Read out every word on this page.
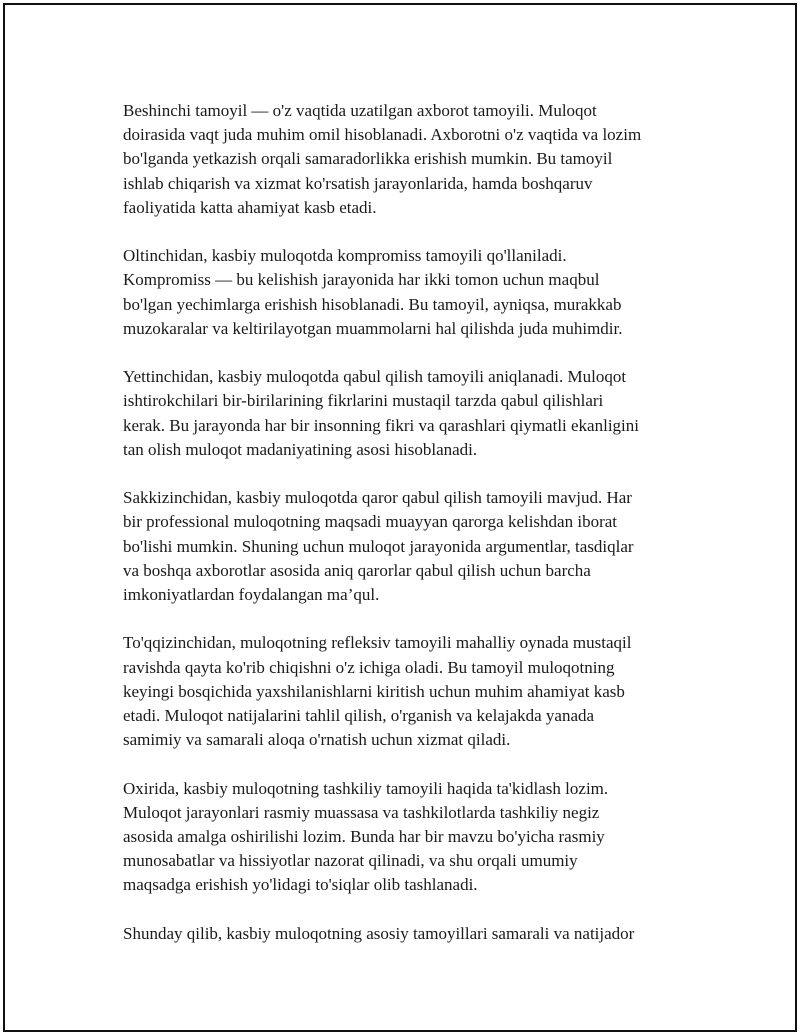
Beshinchi tamoyil — o'z vaqtida uzatilgan axborot tamoyili. Muloqot
doirasida vaqt juda muhim omil hisoblanadi. Axborotni o'z vaqtida va lozim
bo'lganda yetkazish orqali samaradorlikka erishish mumkin. Bu tamoyil
ishlab chiqarish va xizmat ko'rsatish jarayonlarida, hamda boshqaruv
faoliyatida katta ahamiyat kasb etadi.

Oltinchidan, kasbiy muloqotda kompromiss tamoyili qo'llaniladi.
Kompromiss — bu kelishish jarayonida har ikki tomon uchun maqbul
bo'lgan yechimlarga erishish hisoblanadi. Bu tamoyil, ayniqsa, murakkab
muzokaralar va keltirilayotgan muammolarni hal qilishda juda muhimdir.

Yettinchidan, kasbiy muloqotda qabul qilish tamoyili aniqlanadi. Muloqot
ishtirokchilari bir-birilarining fikrlarini mustaqil tarzda qabul qilishlari
kerak. Bu jarayonda har bir insonning fikri va qarashlari qiymatli ekanligini
tan olish muloqot madaniyatining asosi hisoblanadi.

Sakkizinchidan, kasbiy muloqotda qaror qabul qilish tamoyili mavjud. Har
bir professional muloqotning maqsadi muayyan qarorga kelishdan iborat
bo'lishi mumkin. Shuning uchun muloqot jarayonida argumentlar, tasdiqlar
va boshqa axborotlar asosida aniq qarorlar qabul qilish uchun barcha
imkoniyatlardan foydalangan ma’qul.

To'qqizinchidan, muloqotning refleksiv tamoyili mahalliy oynada mustaqil
ravishda qayta ko'rib chiqishni o'z ichiga oladi. Bu tamoyil muloqotning
keyingi bosqichida yaxshilanishlarni kiritish uchun muhim ahamiyat kasb
etadi. Muloqot natijalarini tahlil qilish, o'rganish va kelajakda yanada
samimiy va samarali aloqa o'rnatish uchun xizmat qiladi.

Oxirida, kasbiy muloqotning tashkiliy tamoyili haqida ta'kidlash lozim.
Muloqot jarayonlari rasmiy muassasa va tashkilotlarda tashkiliy negiz
asosida amalga oshirilishi lozim. Bunda har bir mavzu bo'yicha rasmiy
munosabatlar va hissiyotlar nazorat qilinadi, va shu orqali umumiy
maqsadga erishish yo'lidagi to'siqlar olib tashlanadi.

Shunday qilib, kasbiy muloqotning asosiy tamoyillari samarali va natijador
